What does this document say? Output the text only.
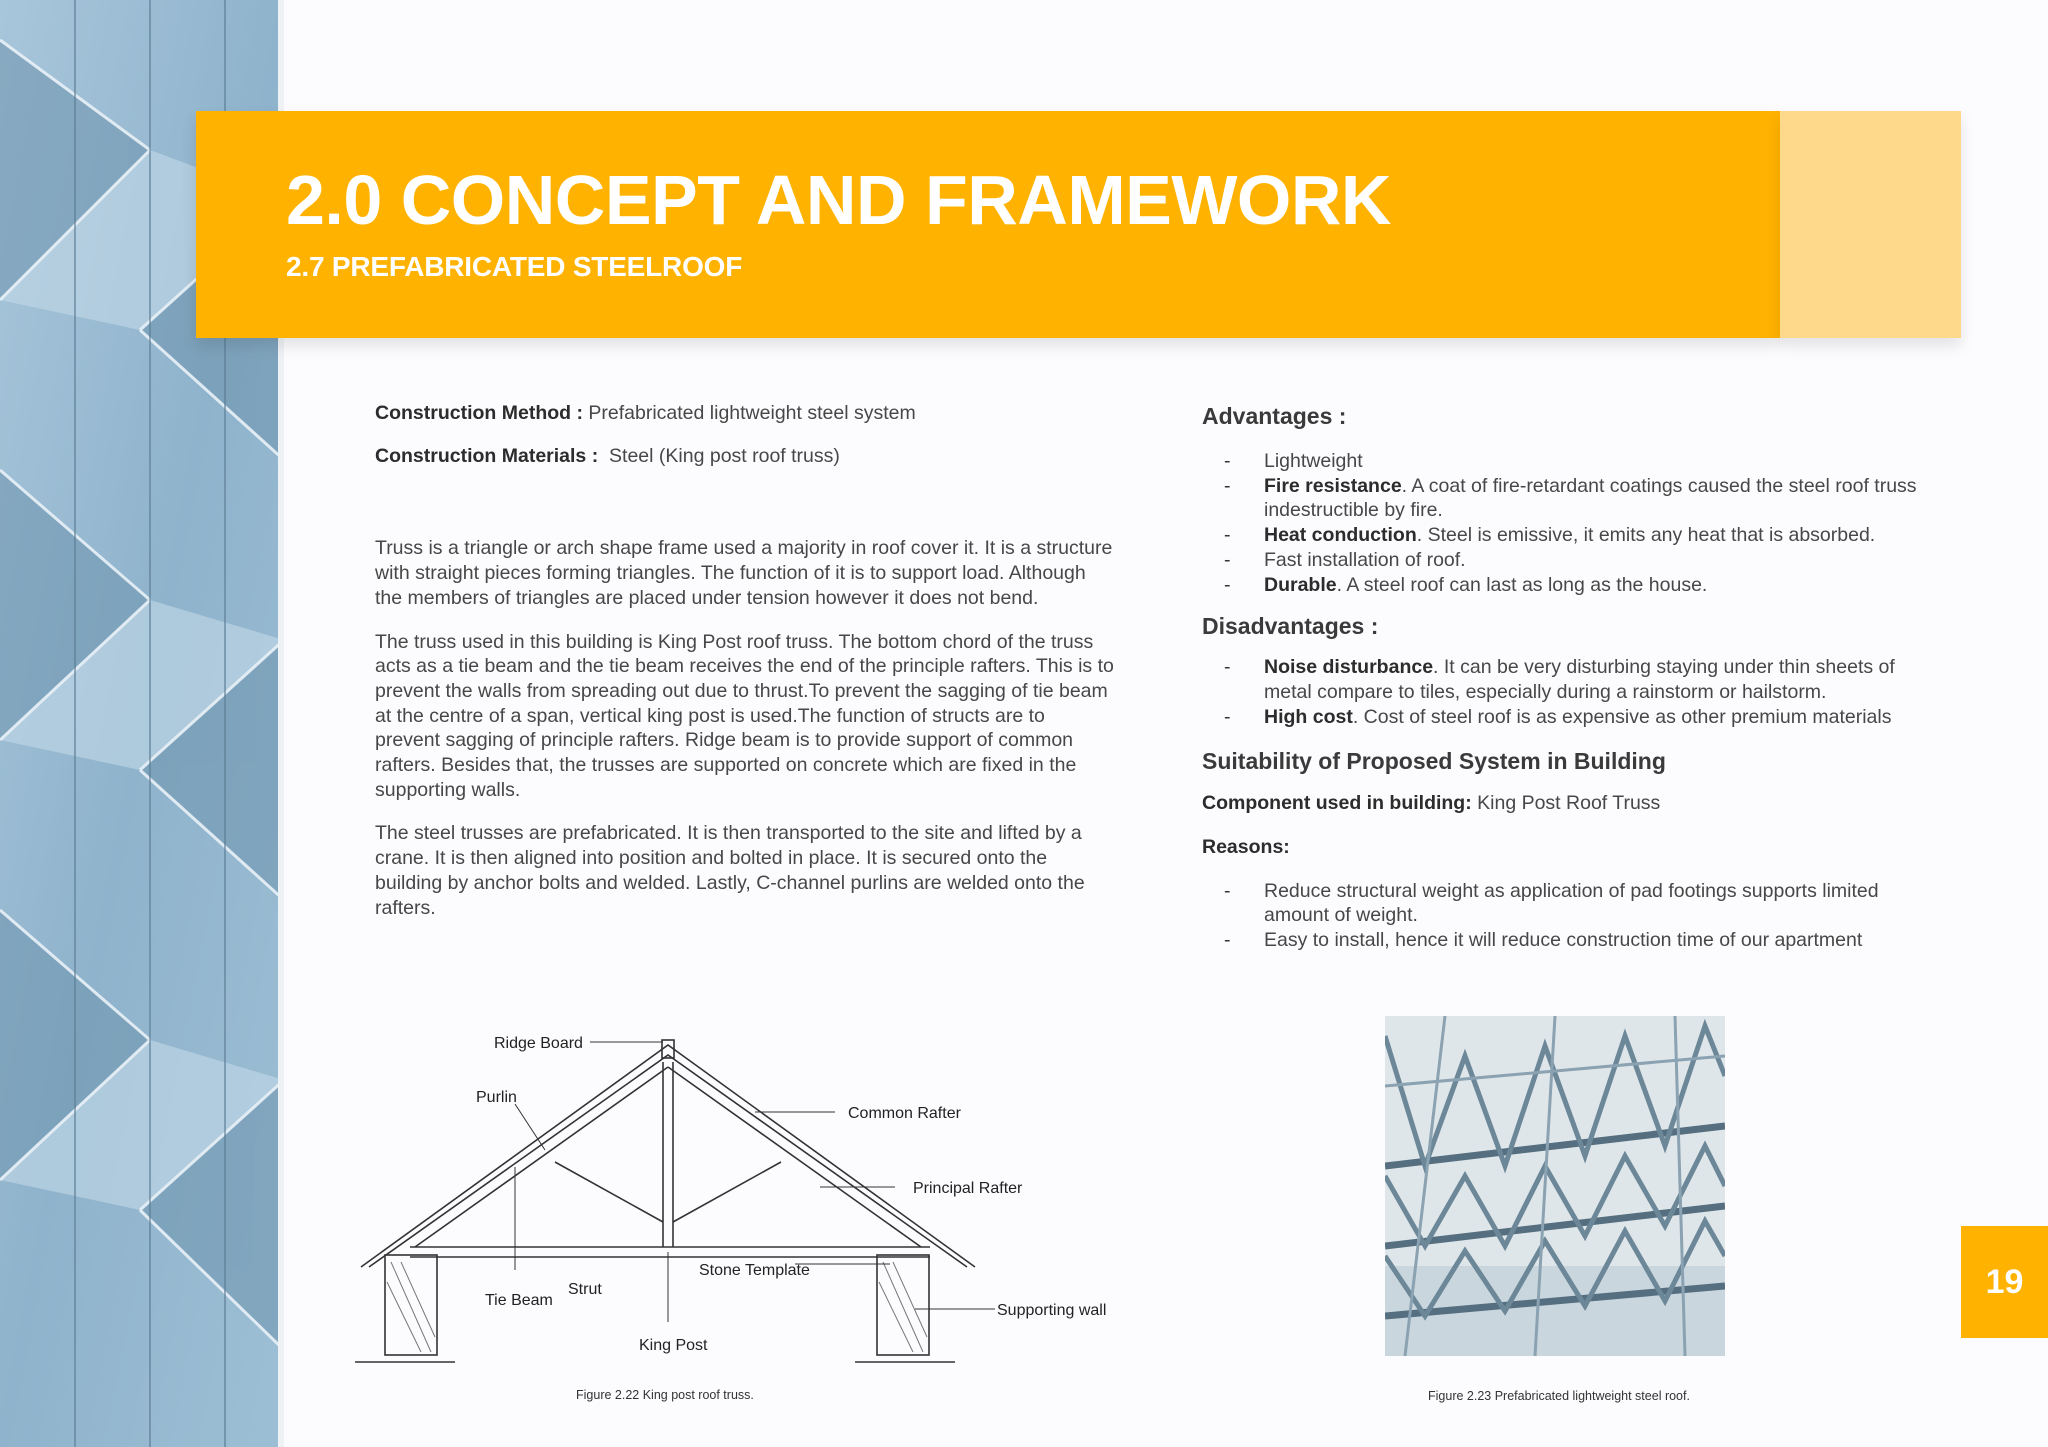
2.0 CONCEPT AND FRAMEWORK
2.7 PREFABRICATED STEELROOF

Construction Method : Prefabricated lightweight steel system

Construction Materials :  Steel (King post roof truss)

Truss is a triangle or arch shape frame used a majority in roof cover it. It is a structure with straight pieces forming triangles. The function of it is to support load. Although the members of triangles are placed under tension however it does not bend.

The truss used in this building is King Post roof truss. The bottom chord of the truss acts as a tie beam and the tie beam receives the end of the principle rafters. This is to prevent the walls from spreading out due to thrust.To prevent the sagging of tie beam at the centre of a span, vertical king post is used.The function of structs are to prevent sagging of principle rafters. Ridge beam is to provide support of common rafters. Besides that, the trusses are supported on concrete which are fixed in the supporting walls.

The steel trusses are prefabricated. It is then transported to the site and lifted by a crane. It is then aligned into position and bolted in place. It is secured onto the building by anchor bolts and welded. Lastly, C-channel purlins are welded onto the rafters.

Advantages :

- Lightweight
- Fire resistance. A coat of fire-retardant coatings caused the steel roof truss indestructible by fire.
- Heat conduction. Steel is emissive, it emits any heat that is absorbed.
- Fast installation of roof.
- Durable. A steel roof can last as long as the house.

Disadvantages :

- Noise disturbance. It can be very disturbing staying under thin sheets of metal compare to tiles, especially during a rainstorm or hailstorm.
- High cost. Cost of steel roof is as expensive as other premium materials

Suitability of Proposed System in Building

Component used in building: King Post Roof Truss

Reasons:

- Reduce structural weight as application of pad footings supports limited amount of weight.
- Easy to install, hence it will reduce construction time of our apartment
Ridge Board
Purlin
Common Rafter
Principal Rafter
Stone Template
Strut
Tie Beam
Supporting wall
King Post
Figure 2.22 King post roof truss.	Figure 2.23 Prefabricated lightweight steel roof.
19
